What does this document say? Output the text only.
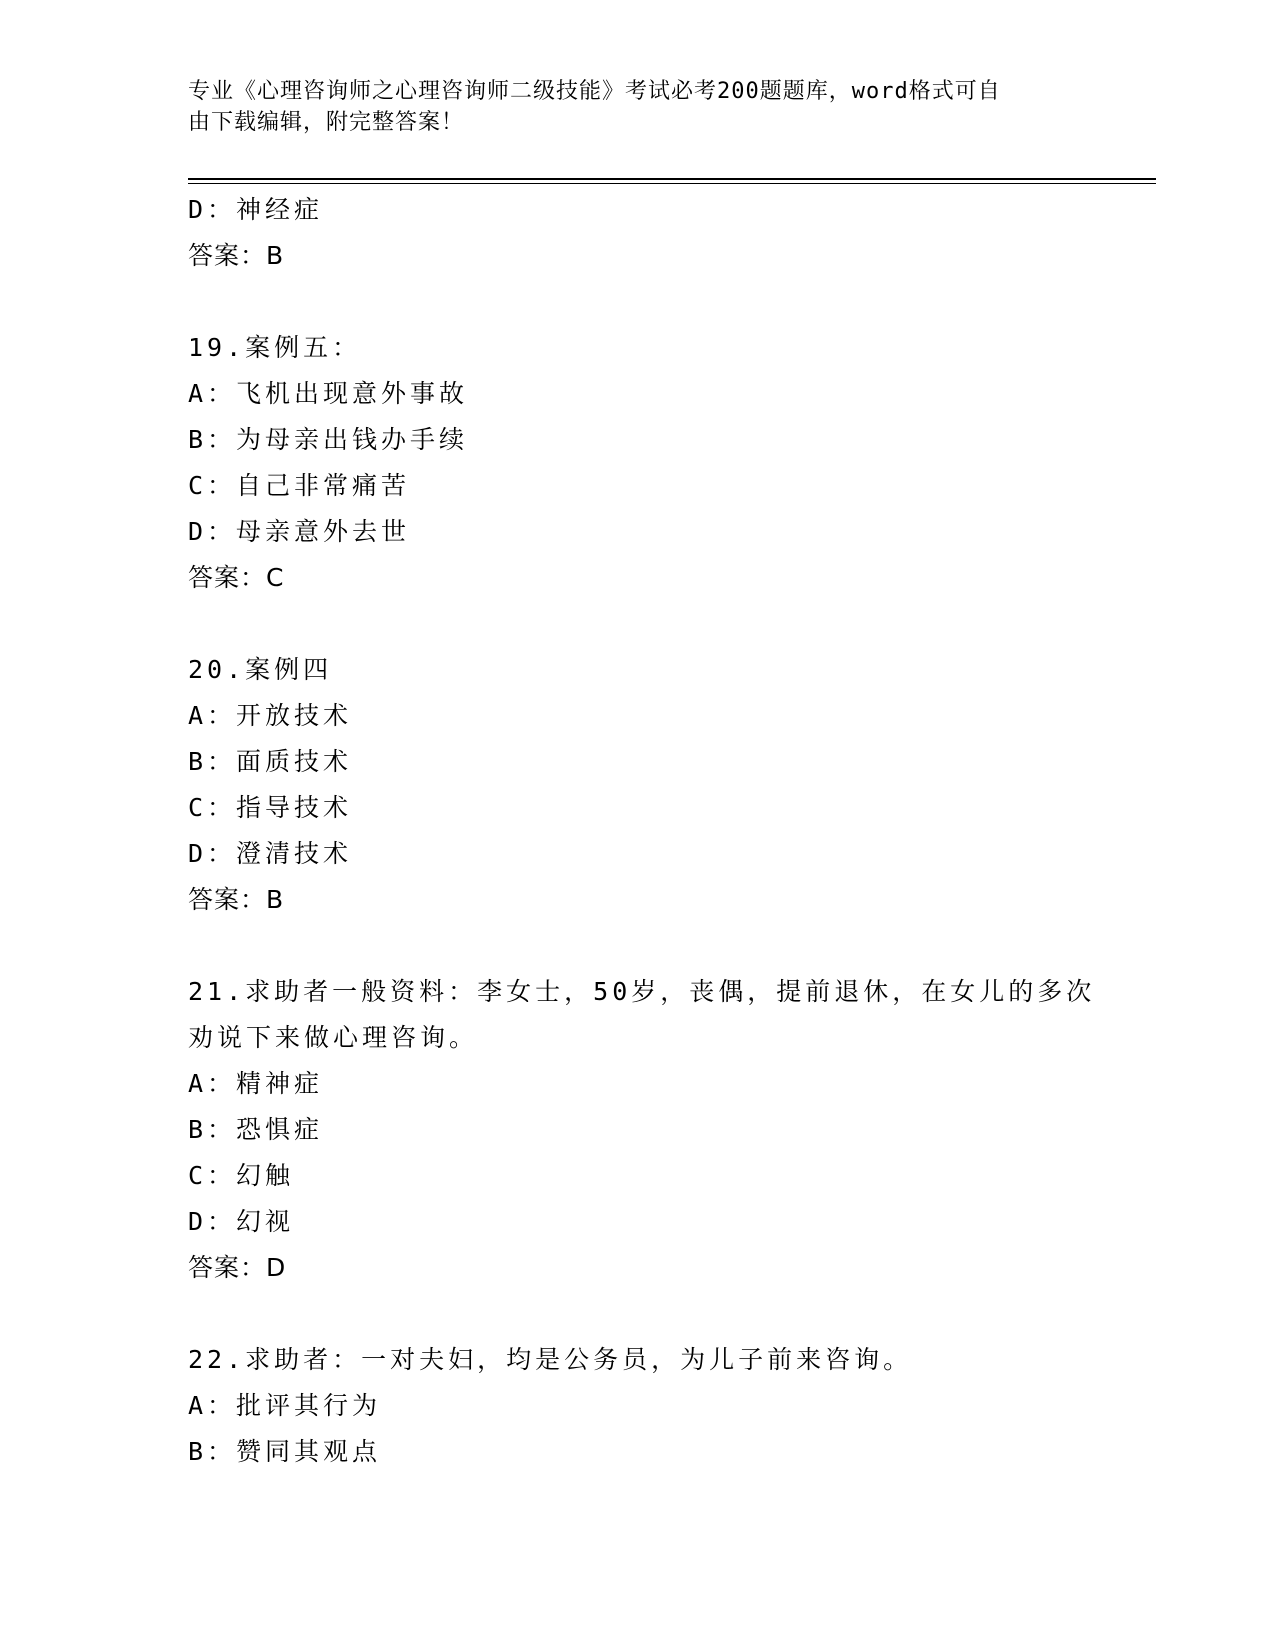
专业《心理咨询师之心理咨询师二级技能》考试必考200题题库，word格式可自
由下载编辑，附完整答案！
D：神经症
答案：B
19.案例五：
A：飞机出现意外事故
B：为母亲出钱办手续
C：自己非常痛苦
D：母亲意外去世
答案：C
20.案例四
A：开放技术
B：面质技术
C：指导技术
D：澄清技术
答案：B
21.求助者一般资料：李女士，50岁，丧偶，提前退休，在女儿的多次
劝说下来做心理咨询。
A：精神症
B：恐惧症
C：幻触
D：幻视
答案：D
22.求助者：一对夫妇，均是公务员，为儿子前来咨询。
A：批评其行为
B：赞同其观点
